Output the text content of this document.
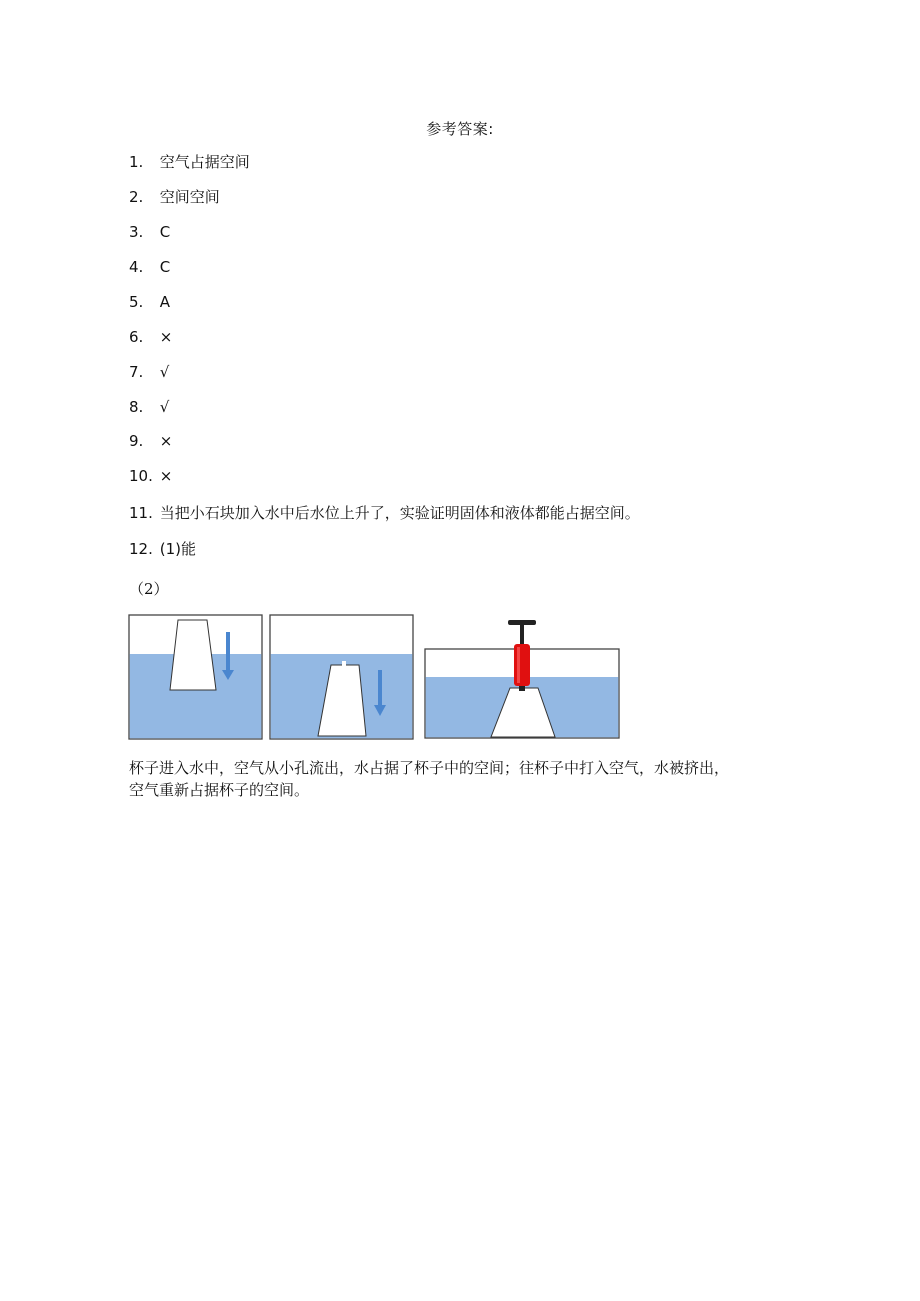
参考答案:
1. 空气占据空间
2. 空间空间
3. C
4. C
5. A
6. ×
7. √
8. √
9. ×
10. ×
11. 当把小石块加入水中后水位上升了，实验证明固体和液体都能占据空间。
12. (1)能
（2）
杯子进入水中，空气从小孔流出，水占据了杯子中的空间；往杯子中打入空气，水被挤出，
空气重新占据杯子的空间。
